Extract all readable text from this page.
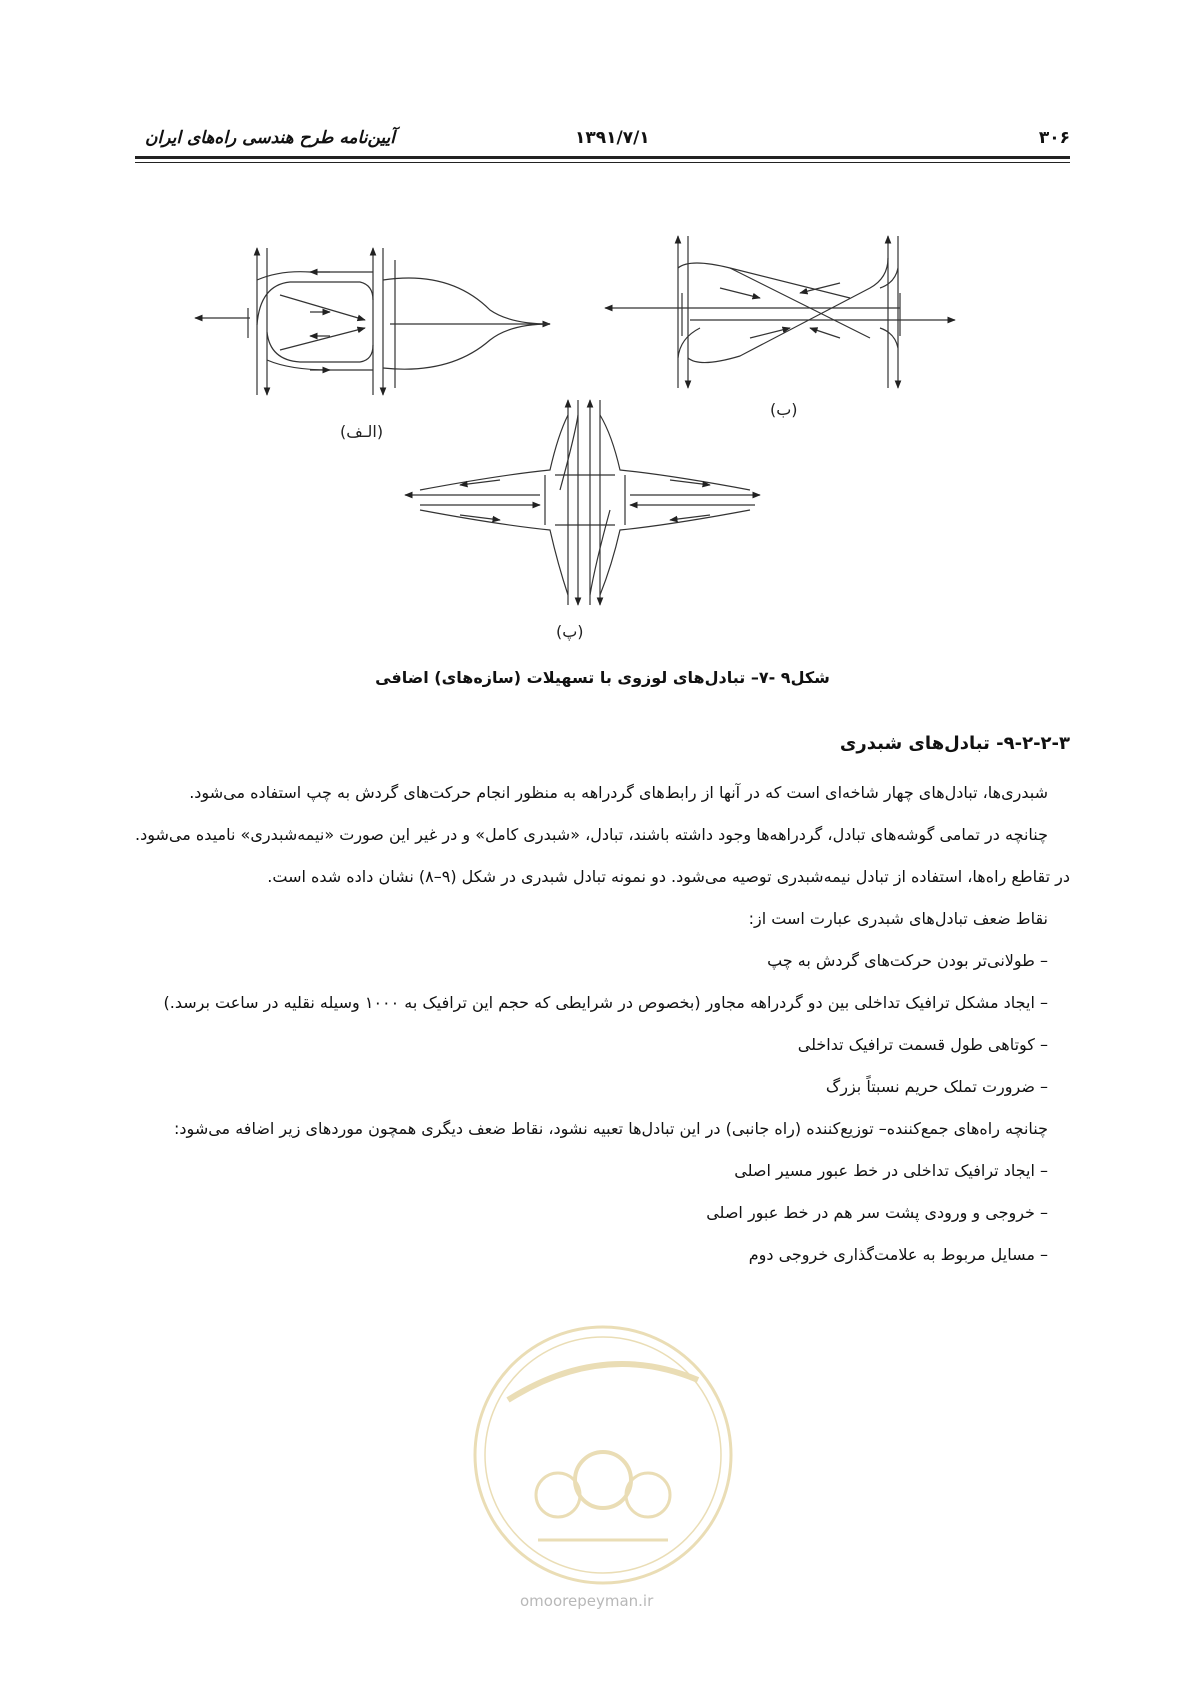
آیین‌نامه طرح هندسی راه‌های ایران	۱۳۹۱/۷/۱	۳۰۶
(الـف)
(ب)
(پ)
شکل۹ -۷– تبادل‌های لوزوی با تسهیلات (سازه‌های) اضافی
۹-۲-۲-۳- تبادل‌های شبدری

شبدری‌ها، تبادل‌های چهار شاخه‌ای است که در آنها از رابط‌های گردراهه به منظور انجام حرکت‌های گردش به چپ استفاده می‌شود.

چنانچه در تمامی گوشه‌های تبادل، گردراهه‌ها وجود داشته باشند، تبادل، «شبدری کامل» و در غیر این صورت «نیمه‌شبدری» نامیده می‌شود. در تقاطع راه‌ها، استفاده از تبادل نیمه‌شبدری توصیه می‌شود. دو نمونه تبادل شبدری در شکل (۹–۸) نشان داده شده است.

نقاط ضعف تبادل‌های شبدری عبارت است از:

– طولانی‌تر بودن حرکت‌های گردش به چپ

– ایجاد مشکل ترافیک تداخلی بین دو گردراهه مجاور (بخصوص در شرایطی که حجم این ترافیک به ۱۰۰۰ وسیله نقلیه در ساعت برسد.)

– کوتاهی طول قسمت ترافیک تداخلی

– ضرورت تملک حریم نسبتاً بزرگ

چنانچه راه‌های جمع‌کننده– توزیع‌کننده (راه جانبی) در این تبادل‌ها تعبیه نشود، نقاط ضعف دیگری همچون موردهای زیر اضافه می‌شود:

– ایجاد ترافیک تداخلی در خط عبور مسیر اصلی

– خروجی و ورودی پشت سر هم در خط عبور اصلی

– مسایل مربوط به علامت‌گذاری خروجی دوم

omoorepeyman.ir
